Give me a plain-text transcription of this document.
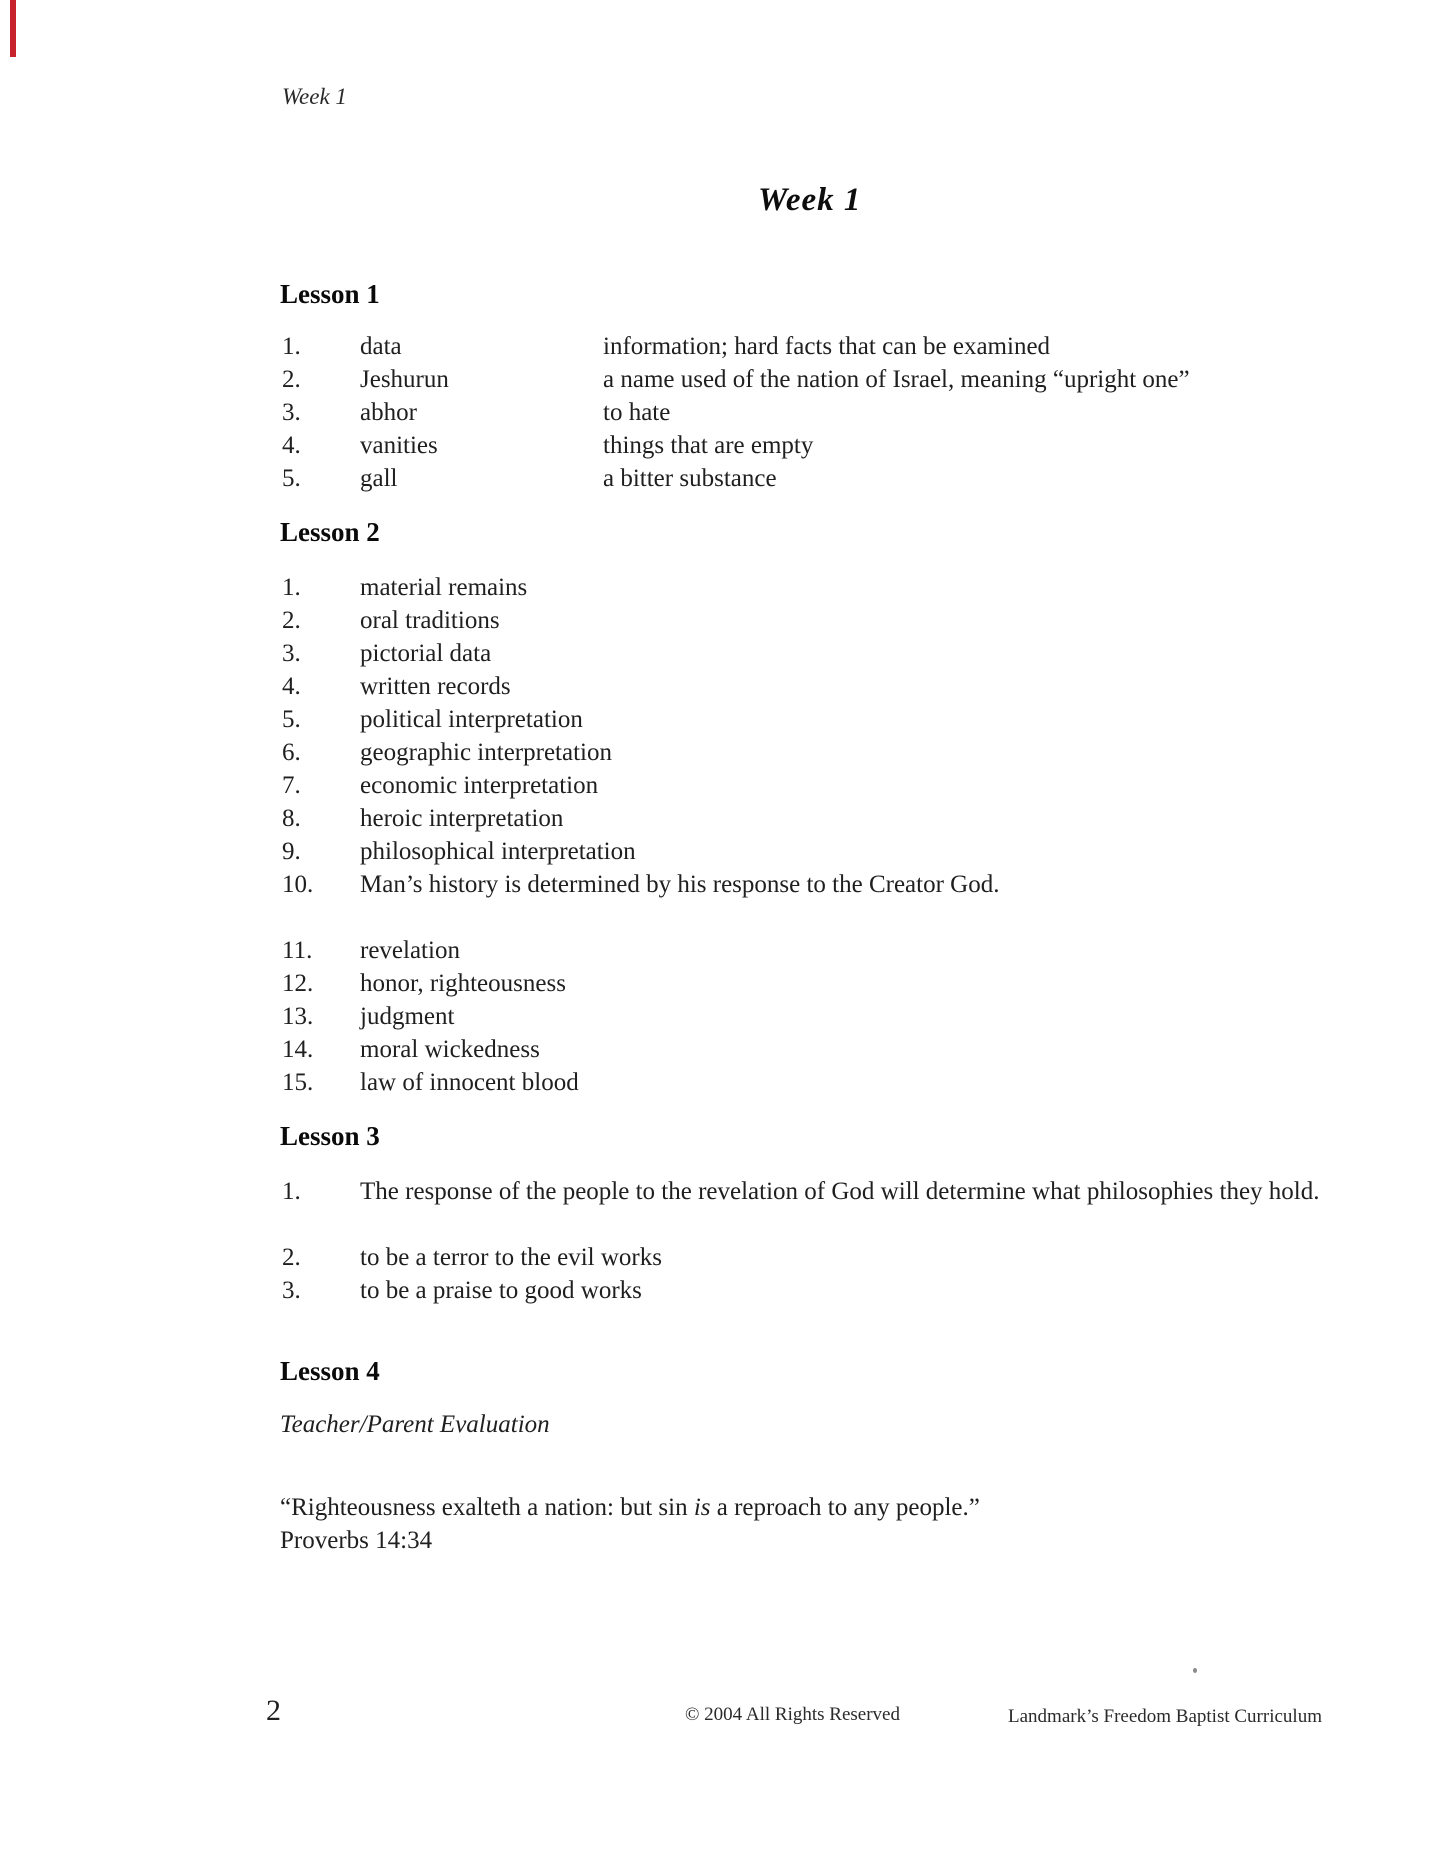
Week 1
Week 1
Lesson 1
1. data	information; hard facts that can be examined
2. Jeshurun	a name used of the nation of Israel, meaning “upright one”
3. abhor	to hate
4. vanities	things that are empty
5. gall	a bitter substance
Lesson 2
1. material remains
2. oral traditions
3. pictorial data
4. written records
5. political interpretation
6. geographic interpretation
7. economic interpretation
8. heroic interpretation
9. philosophical interpretation
10. Man’s history is determined by his response to the Creator God.
11. revelation
12. honor, righteousness
13. judgment
14. moral wickedness
15. law of innocent blood
Lesson 3
1. The response of the people to the revelation of God will determine what philosophies they hold.
2. to be a terror to the evil works
3. to be a praise to good works
Lesson 4
Teacher/Parent Evaluation
“Righteousness exalteth a nation: but sin is a reproach to any people.”
Proverbs 14:34
2	© 2004 All Rights Reserved	Landmark’s Freedom Baptist Curriculum
